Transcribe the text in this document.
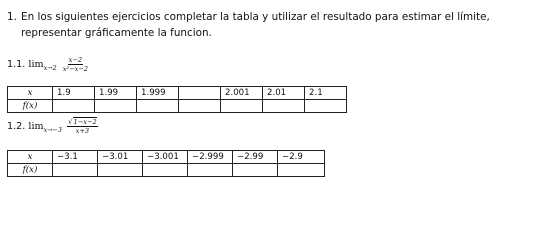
1. En los siguientes ejercicios completar la tabla y utilizar el resultado para estimar el límite,
representar gráficamente la funcion.
1.1. $\lim_{x\to 2} \frac{x-2}{\text{x²−x−2}}$
x	1.9	1.99	1.999		2.001	2.01	2.1
f(x)							
1.2. $\lim_{x\to-3} \frac{√1-x-2}{x+3}$
x	−3.1	−3.01	−3.001	−2.999	−2.99	−2.9
f(x)						
